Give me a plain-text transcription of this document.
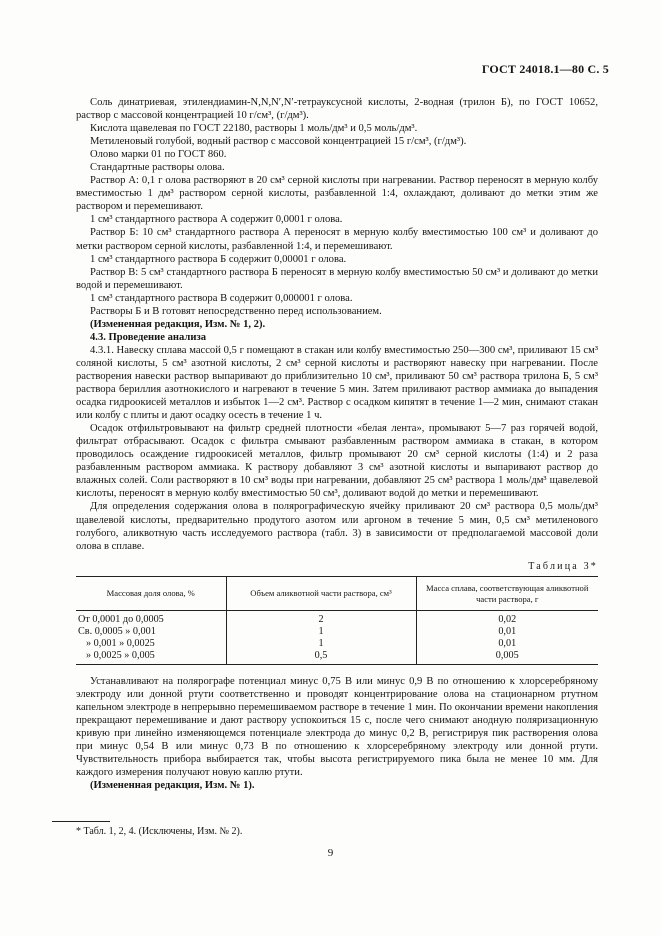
ГОСТ 24018.1—80 С. 5

Соль динатриевая, этилендиамин-N,N,N′,N′-тетрауксусной кислоты, 2-водная (трилон Б), по ГОСТ 10652, раствор с массовой концентрацией 10 г/см³, (г/дм³).

Кислота щавелевая по ГОСТ 22180, растворы 1 моль/дм³ и 0,5 моль/дм³.

Метиленовый голубой, водный раствор с массовой концентрацией 15 г/см³, (г/дм³).

Олово марки 01 по ГОСТ 860.

Стандартные растворы олова.

Раствор А: 0,1 г олова растворяют в 20 см³ серной кислоты при нагревании. Раствор переносят в мерную колбу вместимостью 1 дм³ раствором серной кислоты, разбавленной 1:4, охлаждают, доливают до метки этим же раствором и перемешивают.

1 см³ стандартного раствора А содержит 0,0001 г олова.

Раствор Б: 10 см³ стандартного раствора А переносят в мерную колбу вместимостью 100 см³ и доливают до метки раствором серной кислоты, разбавленной 1:4, и перемешивают.

1 см³ стандартного раствора Б содержит 0,00001 г олова.

Раствор В: 5 см³ стандартного раствора Б переносят в мерную колбу вместимостью 50 см³ и доливают до метки водой и перемешивают.

1 см³ стандартного раствора В содержит 0,000001 г олова.

Растворы Б и В готовят непосредственно перед использованием.

(Измененная редакция, Изм. № 1, 2).

4.3. Проведение анализа

4.3.1. Навеску сплава массой 0,5 г помещают в стакан или колбу вместимостью 250—300 см³, приливают 15 см³ соляной кислоты, 5 см³ азотной кислоты, 2 см³ серной кислоты и растворяют навеску при нагревании. После растворения навески раствор выпаривают до приблизительно 10 см³, приливают 50 см³ раствора трилона Б, 5 см³ раствора бериллия азотнокислого и нагревают в течение 5 мин. Затем приливают раствор аммиака до выпадения осадка гидроокисей металлов и избыток 1—2 см³. Раствор с осадком кипятят в течение 1—2 мин, снимают стакан или колбу с плиты и дают осадку осесть в течение 1 ч.

Осадок отфильтровывают на фильтр средней плотности «белая лента», промывают 5—7 раз горячей водой, фильтрат отбрасывают. Осадок с фильтра смывают разбавленным раствором аммиака в стакан, в котором проводилось осаждение гидроокисей металлов, фильтр промывают 20 см³ серной кислоты (1:4) и 2 раза разбавленным раствором аммиака. К раствору добавляют 3 см³ азотной кислоты и выпаривают раствор до влажных солей. Соли растворяют в 10 см³ воды при нагревании, добавляют 25 см³ раствора 1 моль/дм³ щавелевой кислоты, переносят в мерную колбу вместимостью 50 см³, доливают водой до метки и перемешивают.

Для определения содержания олова в полярографическую ячейку приливают 20 см³ раствора 0,5 моль/дм³ щавелевой кислоты, предварительно продутого азотом или аргоном в течение 5 мин, 0,5 см³ метиленового голубого, аликвотную часть исследуемого раствора (табл. 3) в зависимости от предполагаемой массовой доли олова в сплаве.

Таблица 3*
Массовая доля олова, %	Объем аликвотной части раствора, см³	Масса сплава, соответствующая аликвотной части раствора, г
От 0,0001 до 0,0005	2	0,02
Св. 0,0005 » 0,001	1	0,01
» 0,001 » 0,0025	1	0,01
» 0,0025 » 0,005	0,5	0,005

Устанавливают на полярографе потенциал минус 0,75 В или минус 0,9 В по отношению к хлорсеребряному электроду или донной ртути соответственно и проводят концентрирование олова на стационарном ртутном капельном электроде в непрерывно перемешиваемом растворе в течение 1 мин. По окончании времени накопления прекращают перемешивание и дают раствору успокоиться 15 с, после чего снимают анодную поляризационную кривую при линейно изменяющемся потенциале электрода до минус 0,2 В, регистрируя пик растворения олова при минус 0,54 В или минус 0,73 В по отношению к хлорсеребряному электроду или донной ртути. Чувствительность прибора выбирается так, чтобы высота регистрируемого пика была не менее 10 мм. Для каждого измерения получают новую каплю ртути.

(Измененная редакция, Изм. № 1).

* Табл. 1, 2, 4. (Исключены, Изм. № 2).
9
